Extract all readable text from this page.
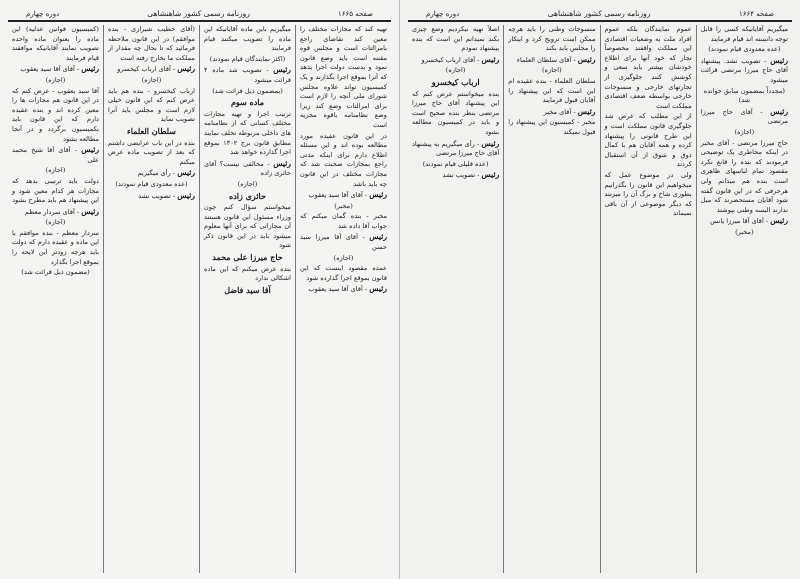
صفحه ۱۶۶۵
روزنامه رسمی کشور شاهنشاهی
دوره چهارم

تهیه کند که مجازات مختلف را معین کند تقاضای راجع بامرالتات است و مجلس قوه مقننه است باید وضع قانون نمود و بدست دولت اجرا بدهد که آنرا بموقع اجرا بگذارند و یک کمیسیون تواند علاوه مجلس شورای ملی آنچه را لازم است برای امرالتات وضع کند زیرا وضع نظامنامه باقوه مجریه است

در این قانون عقیده مورد مطالعه بوده اند و این مسئله اطلاع دارم برای اینکه مدتی راجع بمجازات صحبت شد که مجازات مختلف در این قانون چه باید باشد

رئیس - آقای آقا سید یعقوب

(مخبر)

مخبر - بنده گمان میکنم که جواب آقا داده شد

رئیس - آقای آقا میرزا سید حسن

(اجازه)

عمده مقصود اینست که این قانون بموقع اجرا گذارده شود

رئیس - آقای آقا سید یعقوب

میگیریم باین ماده آقایانیکه این ماده را تصویب میکنند قیام فرمایند

(اکثر نمایندگان قیام نمودند)

رئیس - تصویب شد ماده ۴ قرائت میشود

(بمضمون ذیل قرائت شد)

ماده سوم

ترتیب اجرا و تهیه مجازات مختلف کسانی که از نظامنامه های داخلی مربوطه تخلف نمایند مطابق قانون برج ۱۳۰۲ بموقع اجرا گذارده خواهد شد

رئیس - مخالفی نیست؟ آقای حائری زاده

(اجازه)

حائری زاده

میخواستم سؤال کنم چون وزراء مسئول این قانون هستند آن مجازاتی که برای آنها معلوم میشود باید در این قانون ذکر شود

حاج میرزا علی محمد

بنده عرض میکنم که این ماده اشکالی ندارد

آقا سید فاضل

(آقای خطیب شیرازی - بنده موافقم) در این قانون ملاحظه فرمائید که تا بحال چه مقدار از مملکت ما بخارج رفته است

رئیس - آقای ارباب کیخسرو

(اجازه)

ارباب کیخسرو - بنده هم باید عرض کنم که این قانون خیلی لازم است و مجلس باید آنرا تصویب نماید

سلطان العلماء

بنده در این باب عرایضی داشتم که بعد از تصویب ماده عرض میکنم

رئیس - رأی میگیریم

(عده معدودی قیام نمودند)

رئیس - تصویب نشد

(کمیسیون قوانین عدلیه) این ماده را بعنوان ماده واحده تصویب نمایند آقایانیکه موافقند قیام فرمایند

رئیس - آقای آقا سید یعقوب

(اجازه)

آقا سید یعقوب - عرض کنم که در این قانون هم مجازات ها را معین کرده اند و بنده عقیده دارم که این قانون باید بکمیسیون برگردد و در آنجا مطالعه بشود

رئیس - آقای آقا شیخ محمد علی

(اجازه)

دولت باید ترتیبی بدهد که مجازات هر کدام معین شود و این پیشنهاد هم باید مطرح بشود

رئیس - آقای سردار معظم

(اجازه)

سردار معظم - بنده موافقم با این ماده و عقیده دارم که دولت باید هرچه زودتر این لایحه را بموقع اجرا بگذارد

(مضمون ذیل قرائت شد)

صفحه ۱۶۶۴
روزنامه رسمی کشور شاهنشاهی
دوره چهارم

میگیریم آقایانیکه کسی را قابل توجه دانسته اند قیام فرمایند

(عده معدودی قیام نمودند)

رئیس - تصویب نشد. پیشنهاد آقای حاج میرزا مرتضی قرائت میشود

(مجدداً بمضمون سابق خوانده شد)

رئیس - آقای حاج میرزا مرتضی

(اجازه)

حاج میرزا مرتضی - آقای مخبر در اینکه مخاطری یک توضیحی فرمودند که بنده را قانع نکرد مقصود تمام لباسهای ظاهری است بنده هم میدانم ولی هرحرفی که در این قانون گفته شود آقایان مستحضرند که میل ندارند البسه وطنی بپوشند

رئیس - آقای آقا میرزا یانس

(مخبر)

عموم نمایندگان بلکه عموم افراد ملت به وضعیات اقتصادی این مملکت واقفند مخصوصاً تجار که خود آنها برای اطلاع خودشان بیشتر باید سعی و کوشش کنند جلوگیری از تجارتهای خارجی و منسوجات خارجی بواسطه ضعف اقتصادی مملکت است

از این مطلب که عرض شد جلوگیری قانون مملکت است و این طرح قانونی را پیشنهاد کرده و همه آقایان هم با کمال ذوق و شوق از آن استقبال کردند

ولی در موضوع عمل که میخواهیم این قانون را بگذرانیم بطوری شاخ و برگ آن را میزنند که دیگر موضوعی از آن باقی نمیماند

منسوجات وطنی را باید هرچه ممکن است ترویج کرد و اینکار را مجلس باید بکند

رئیس - آقای سلطان العلماء

(اجازه)

سلطان العلماء - بنده عقیده ام این است که این پیشنهاد را آقایان قبول فرمایند

رئیس - آقای مخبر

مخبر - کمیسیون این پیشنهاد را قبول نمیکند

اصلاً تهیه نیکردیم وضع چیزی بکند نمیدانم این است که بنده پیشنهاد نمودم

رئیس - آقای ارباب کیخسرو

(اجازه)

ارباب کیخسرو

بنده میخواستم عرض کنم که این پیشنهاد آقای حاج میرزا مرتضی بنظر بنده صحیح است و باید در کمیسیون مطالعه بشود

رئیس - رأی میگیریم به پیشنهاد آقای حاج میرزا مرتضی

(عده قلیلی قیام نمودند)

رئیس - تصویب نشد
